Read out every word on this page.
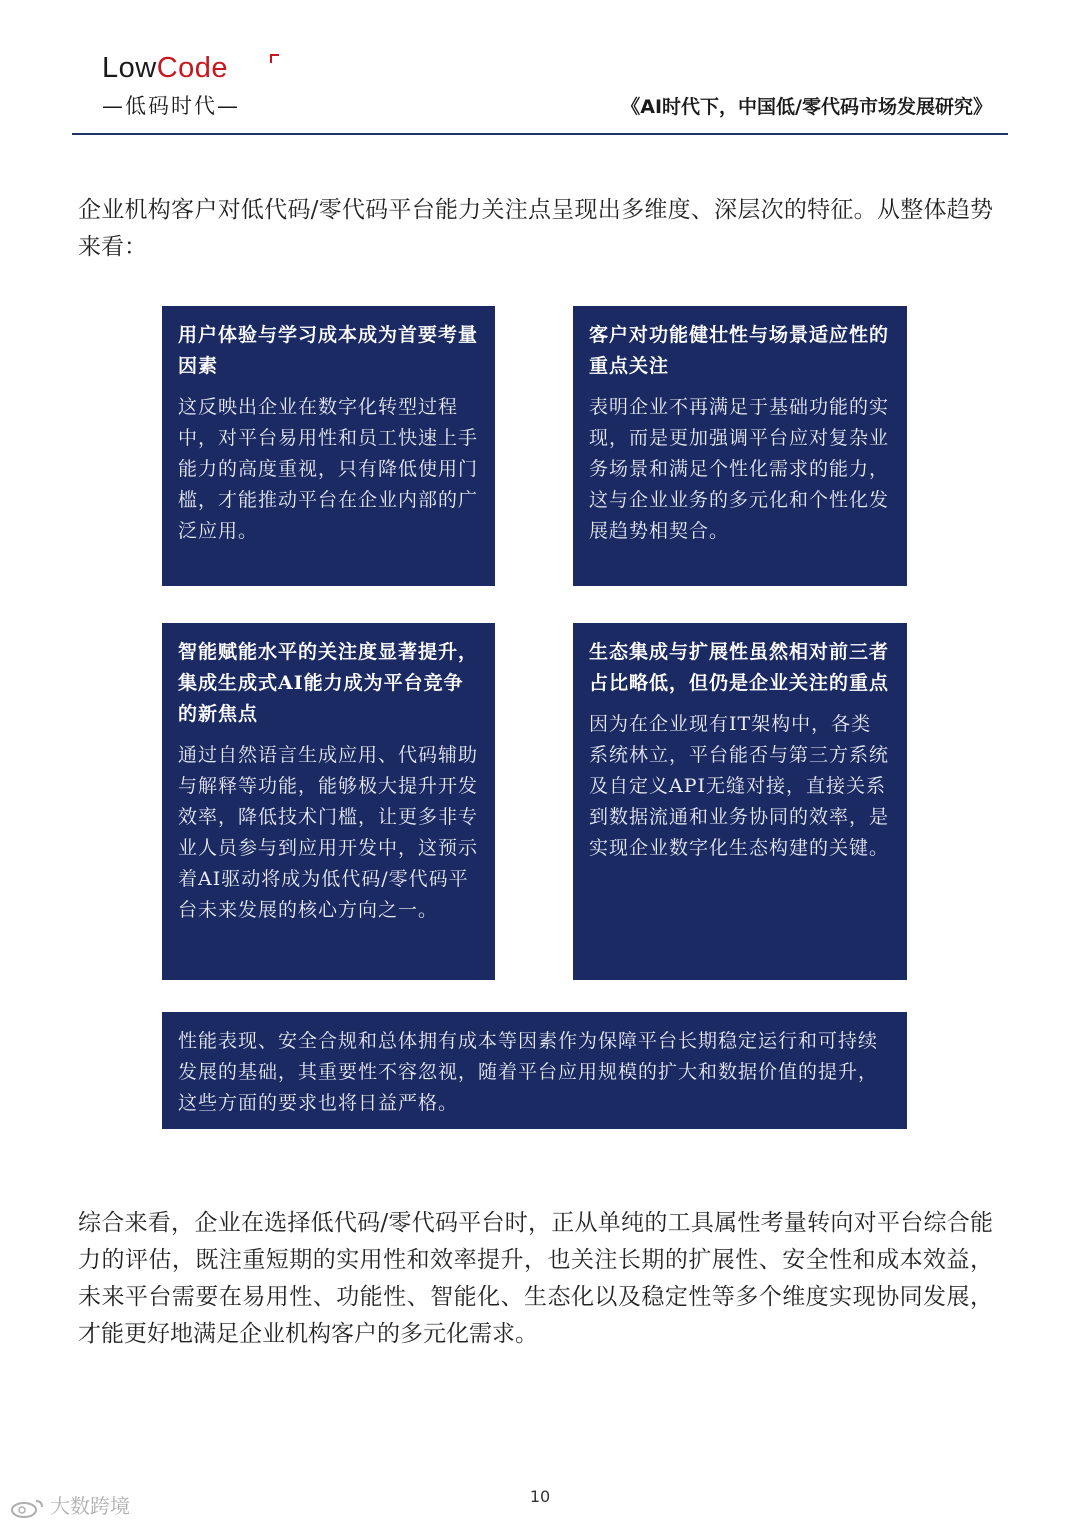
LowCode
—低码时代—	《AI时代下，中国低/零代码市场发展研究》
企业机构客户对低代码/零代码平台能力关注点呈现出多维度、深层次的特征。从整体趋势来看：
用户体验与学习成本成为首要考量因素
这反映出企业在数字化转型过程中，对平台易用性和员工快速上手能力的高度重视，只有降低使用门槛，才能推动平台在企业内部的广泛应用。
客户对功能健壮性与场景适应性的重点关注
表明企业不再满足于基础功能的实现，而是更加强调平台应对复杂业务场景和满足个性化需求的能力，这与企业业务的多元化和个性化发展趋势相契合。
智能赋能水平的关注度显著提升，集成生成式AI能力成为平台竞争的新焦点
通过自然语言生成应用、代码辅助与解释等功能，能够极大提升开发效率，降低技术门槛，让更多非专业人员参与到应用开发中，这预示着AI驱动将成为低代码/零代码平台未来发展的核心方向之一。
生态集成与扩展性虽然相对前三者占比略低，但仍是企业关注的重点
因为在企业现有IT架构中，各类系统林立，平台能否与第三方系统及自定义API无缝对接，直接关系到数据流通和业务协同的效率，是实现企业数字化生态构建的关键。
性能表现、安全合规和总体拥有成本等因素作为保障平台长期稳定运行和可持续发展的基础，其重要性不容忽视，随着平台应用规模的扩大和数据价值的提升，这些方面的要求也将日益严格。
综合来看，企业在选择低代码/零代码平台时，正从单纯的工具属性考量转向对平台综合能力的评估，既注重短期的实用性和效率提升，也关注长期的扩展性、安全性和成本效益，未来平台需要在易用性、功能性、智能化、生态化以及稳定性等多个维度实现协同发展，才能更好地满足企业机构客户的多元化需求。
10
大数跨境
